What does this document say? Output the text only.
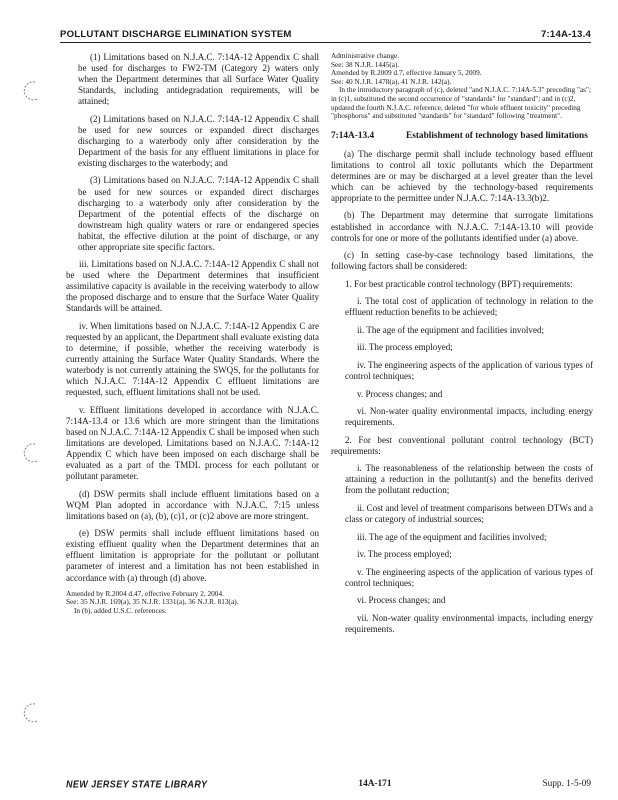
POLLUTANT DISCHARGE ELIMINATION SYSTEM	7:14A-13.4

(1) Limitations based on N.J.A.C. 7:14A-12 Appendix C shall be used for discharges to FW2-TM (Category 2) waters only when the Department determines that all Surface Water Quality Standards, including antidegradation requirements, will be attained;

(2) Limitations based on N.J.A.C. 7:14A-12 Appendix C shall be used for new sources or expanded direct discharges discharging to a waterbody only after consideration by the Department of the basis for any effluent limitations in place for existing discharges to the waterbody; and

(3) Limitations based on N.J.A.C. 7:14A-12 Appendix C shall be used for new sources or expanded direct discharges discharging to a waterbody only after consideration by the Department of the potential effects of the discharge on downstream high quality waters or rare or endangered species habitat, the effective dilution at the point of discharge, or any other appropriate site specific factors.

iii. Limitations based on N.J.A.C. 7:14A-12 Appendix C shall not be used where the Department determines that insufficient assimilative capacity is available in the receiving waterbody to allow the proposed discharge and to ensure that the Surface Water Quality Standards will be attained.

iv. When limitations based on N.J.A.C. 7:14A-12 Appendix C are requested by an applicant, the Department shall evaluate existing data to determine, if possible, whether the receiving waterbody is currently attaining the Surface Water Quality Standards. Where the waterbody is not currently attaining the SWQS, for the pollutants for which N.J.A.C. 7:14A-12 Appendix C effluent limitations are requested, such, effluent limitations shall not be used.

v. Effluent limitations developed in accordance with N.J.A.C. 7:14A-13.4 or 13.6 which are more stringent than the limitations based on N.J.A.C. 7:14A-12 Appendix C shall be imposed when such limitations are developed. Limitations based on N.J.A.C. 7:14A-12 Appendix C which have been imposed on each discharge shall be evaluated as a part of the TMDL process for each pollutant or pollutant parameter.

(d) DSW permits shall include effluent limitations based on a WQM Plan adopted in accordance with N.J.A.C. 7:15 unless limitations based on (a), (b), (c)1, or (c)2 above are more stringent.

(e) DSW permits shall include effluent limitations based on existing effluent quality when the Department determines that an effluent limitation is appropriate for the pollutant or pollutant parameter of interest and a limitation has not been established in accordance with (a) through (d) above.

Amended by R.2004 d.47, effective February 2, 2004.
See: 35 N.J.R. 169(a), 35 N.J.R. 1331(a), 36 N.J.R. 813(a).
In (b), added U.S.C. references.
Administrative change.
See: 38 N.J.R. 1445(a).
Amended by R.2009 d.7, effective January 5, 2009.
See: 40 N.J.R. 1478(a), 41 N.J.R. 142(a).
In the introductory paragraph of (c), deleted "and N.J.A.C. 7:14A-5.3" preceding "as"; in (c)1, substituted the second occurrence of "standards" for "standard"; and in (c)2, updated the fourth N.J.A.C. reference, deleted "for whole effluent toxicity" preceding "phosphorus" and substituted "standards" for "standard" following "treatment".
7:14A-13.4	Establishment of technology based limitations

(a) The discharge permit shall include technology based effluent limitations to control all toxic pollutants which the Department determines are or may be discharged at a level greater than the level which can be achieved by the technology-based requirements appropriate to the permittee under N.J.A.C. 7:14A-13.3(b)2.

(b) The Department may determine that surrogate limitations established in accordance with N.J.A.C. 7:14A-13.10 will provide controls for one or more of the pollutants identified under (a) above.

(c) In setting case-by-case technology based limitations, the following factors shall be considered:

1. For best practicable control technology (BPT) requirements:

i. The total cost of application of technology in relation to the effluent reduction benefits to be achieved;

ii. The age of the equipment and facilities involved;

iii. The process employed;

iv. The engineering aspects of the application of various types of control techniques;

v. Process changes; and

vi. Non-water quality environmental impacts, including energy requirements.

2. For best conventional pollutant control technology (BCT) requirements:

i. The reasonableness of the relationship between the costs of attaining a reduction in the pollutant(s) and the benefits derived from the pollutant reduction;

ii. Cost and level of treatment comparisons between DTWs and a class or category of industrial sources;

iii. The age of the equipment and facilities involved;

iv. The process employed;

v. The engineering aspects of the application of various types of control techniques;

vi. Process changes; and

vii. Non-water quality environmental impacts, including energy requirements.

NEW JERSEY STATE LIBRARY	14A-171	Supp. 1-5-09
